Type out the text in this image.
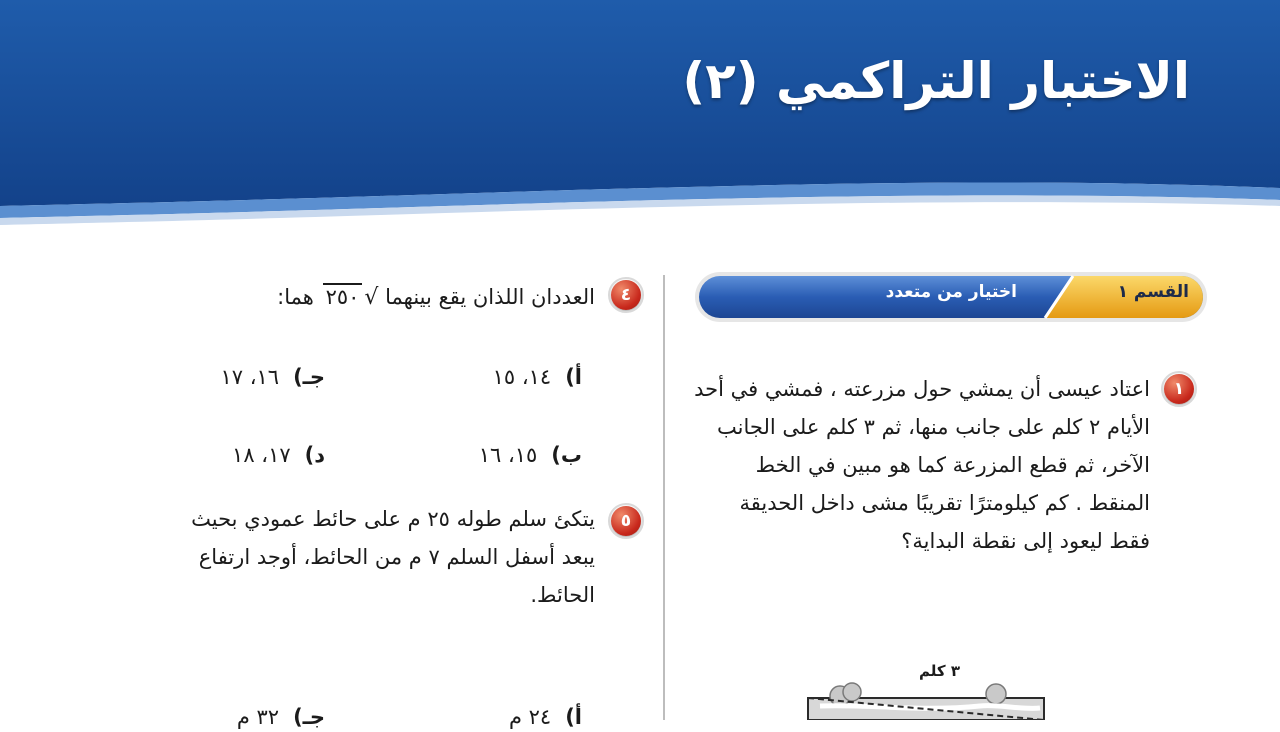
الاختبار التراكمي (٢)
القسم ١
اختيار من متعدد
١
اعتاد عيسى أن يمشي حول مزرعته ، فمشي في أحد
الأيام ٢ كلم على جانب منها، ثم ٣ كلم على الجانب
الآخر، ثم قطع المزرعة كما هو مبين في الخط
المنقط . كم كيلومترًا تقريبًا مشى داخل الحديقة
فقط ليعود إلى نقطة البداية؟
٣ كلم
٤
العددان اللذان يقع بينهما √٢٥٠ هما:
أ)١٤، ١٥
جـ)١٦، ١٧
ب)١٥، ١٦
د)١٧، ١٨
٥
يتكئ سلم طوله ٢٥ م على حائط عمودي بحيث
يبعد أسفل السلم ٧ م من الحائط، أوجد ارتفاع
الحائط.
أ)٢٤ م
جـ)٣٢ م
